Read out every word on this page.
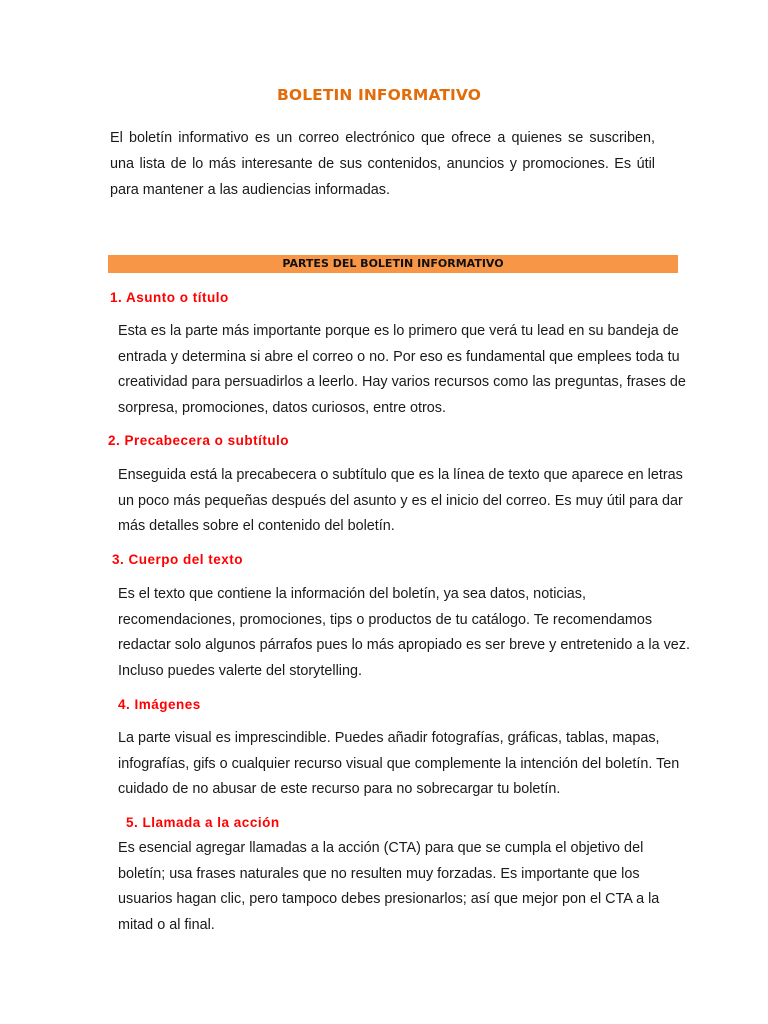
BOLETIN INFORMATIVO
El boletín informativo es un correo electrónico que ofrece a quienes se suscriben, una lista de lo más interesante de sus contenidos, anuncios y promociones. Es útil para mantener a las audiencias informadas.
PARTES DEL BOLETIN INFORMATIVO
1. Asunto o título
Esta es la parte más importante porque es lo primero que verá tu lead en su bandeja de
entrada y determina si abre el correo o no. Por eso es fundamental que emplees toda tu
creatividad para persuadirlos a leerlo. Hay varios recursos como las preguntas, frases de
sorpresa, promociones, datos curiosos, entre otros.
2. Precabecera o subtítulo
Enseguida está la precabecera o subtítulo que es la línea de texto que aparece en letras
un poco más pequeñas después del asunto y es el inicio del correo. Es muy útil para dar
más detalles sobre el contenido del boletín.
3. Cuerpo del texto
Es el texto que contiene la información del boletín, ya sea datos, noticias,
recomendaciones, promociones, tips o productos de tu catálogo. Te recomendamos
redactar solo algunos párrafos pues lo más apropiado es ser breve y entretenido a la vez.
Incluso puedes valerte del storytelling.
4. Imágenes
La parte visual es imprescindible. Puedes añadir fotografías, gráficas, tablas, mapas,
infografías, gifs o cualquier recurso visual que complemente la intención del boletín. Ten
cuidado de no abusar de este recurso para no sobrecargar tu boletín.
5. Llamada a la acción
Es esencial agregar llamadas a la acción (CTA) para que se cumpla el objetivo del
boletín; usa frases naturales que no resulten muy forzadas. Es importante que los
usuarios hagan clic, pero tampoco debes presionarlos; así que mejor pon el CTA a la
mitad o al final.
